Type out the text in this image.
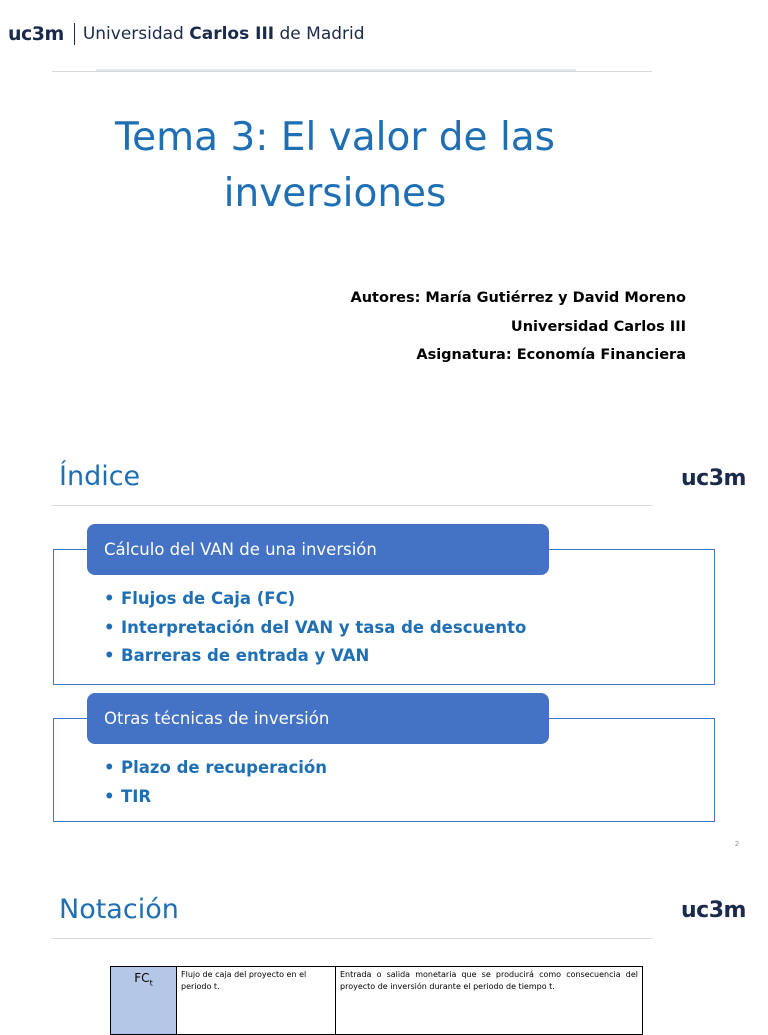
uc3m Universidad Carlos III de Madrid
Tema 3: El valor de las
inversiones
Autores: María Gutiérrez y David Moreno
Universidad Carlos III
Asignatura: Economía Financiera
Índice	uc3m
Cálculo del VAN de una inversión
• Flujos de Caja (FC)
• Interpretación del VAN y tasa de descuento
• Barreras de entrada y VAN
Otras técnicas de inversión
• Plazo de recuperación
• TIR
2
Notación	uc3m
$FC_t$	Flujo de caja del proyecto en el periodo t.	Entrada o salida monetaria que se producirá como consecuencia del proyecto de inversión durante el periodo de tiempo t.
